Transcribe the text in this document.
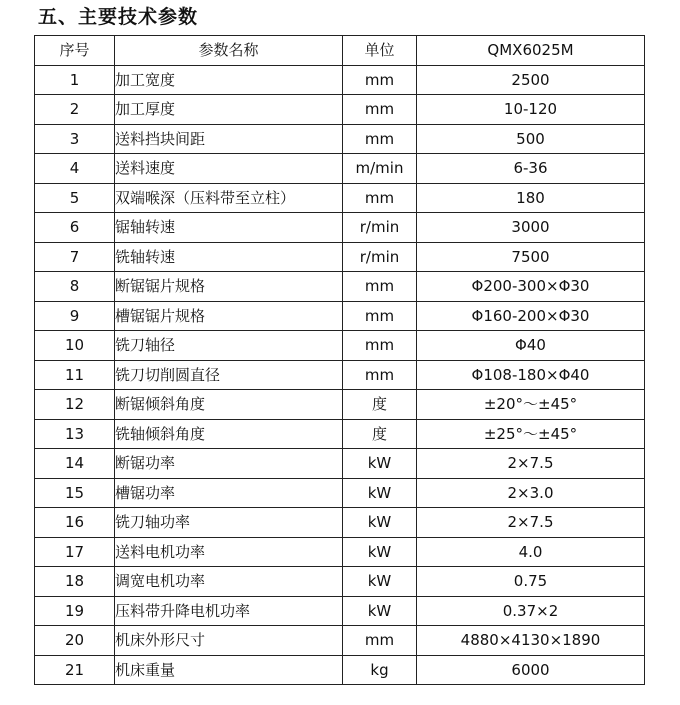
五、主要技术参数
序号	参数名称	单位	QMX6025M
1	加工宽度	mm	2500
2	加工厚度	mm	10-120
3	送料挡块间距	mm	500
4	送料速度	m/min	6-36
5	双端喉深（压料带至立柱）	mm	180
6	锯轴转速	r/min	3000
7	铣轴转速	r/min	7500
8	断锯锯片规格	mm	Φ200-300×Φ30
9	槽锯锯片规格	mm	Φ160-200×Φ30
10	铣刀轴径	mm	Φ40
11	铣刀切削圆直径	mm	Φ108-180×Φ40
12	断锯倾斜角度	度	±20°～±45°
13	铣轴倾斜角度	度	±25°～±45°
14	断锯功率	kW	2×7.5
15	槽锯功率	kW	2×3.0
16	铣刀轴功率	kW	2×7.5
17	送料电机功率	kW	4.0
18	调宽电机功率	kW	0.75
19	压料带升降电机功率	kW	0.37×2
20	机床外形尺寸	mm	4880×4130×1890
21	机床重量	kg	6000
